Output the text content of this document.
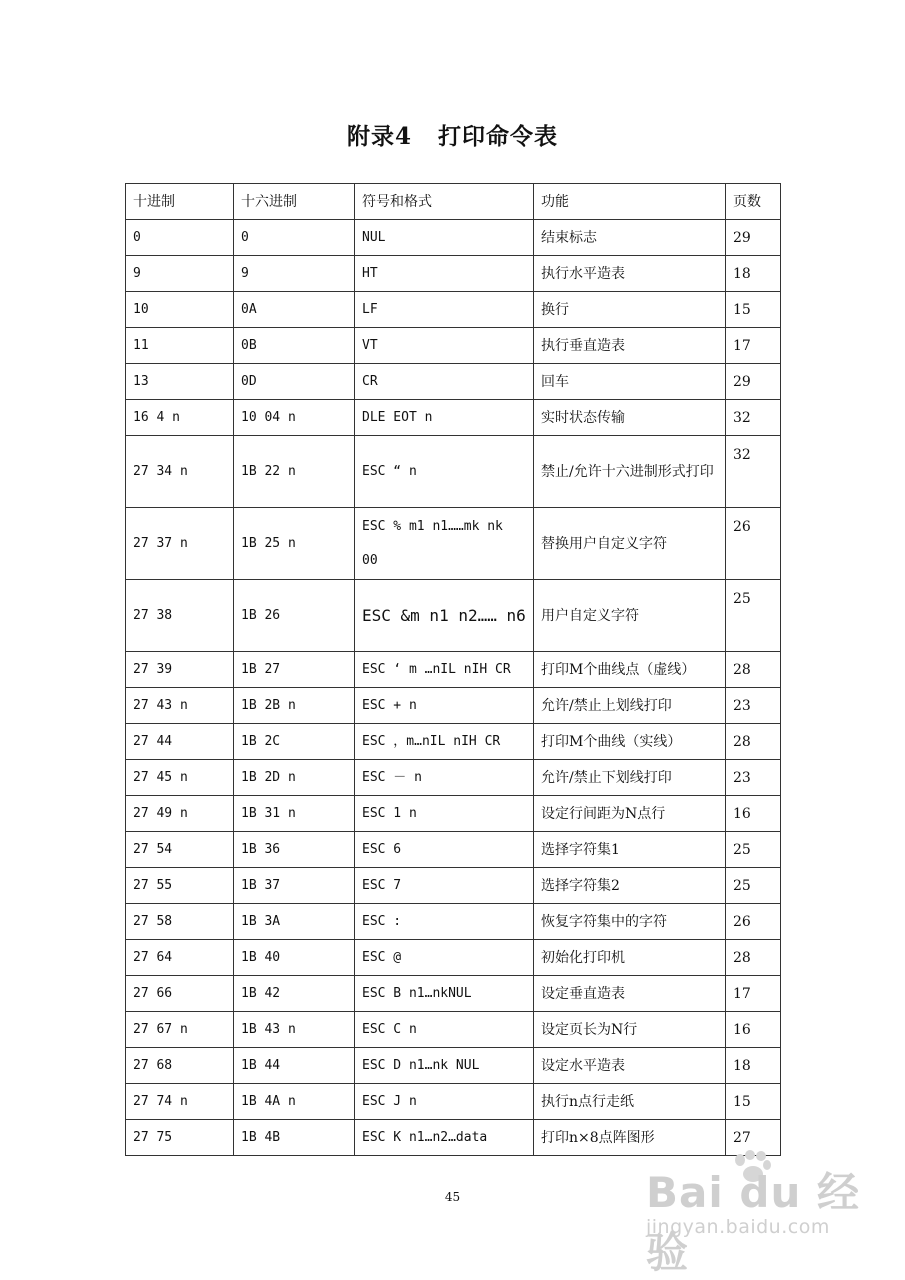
附录4 打印命令表
十进制	十六进制	符号和格式	功能	页数
0	0	NUL	结束标志	29
9	9	HT	执行水平造表	18
10	0A	LF	换行	15
11	0B	VT	执行垂直造表	17
13	0D	CR	回车	29
16 4 n	10 04 n	DLE EOT n	实时状态传输	32
27 34 n	1B 22 n	ESC “ n	禁止/允许十六进制形式打印	32
27 37 n	1B 25 n	ESC % m1 n1……mk nk 00	替换用户自定义字符	26
27 38	1B 26	ESC &m n1 n2…… n6	用户自定义字符	25
27 39	1B 27	ESC ‘ m …nIL nIH CR	打印M个曲线点（虚线）	28
27 43 n	1B 2B n	ESC + n	允许/禁止上划线打印	23
27 44	1B 2C	ESC ，m…nIL nIH CR	打印M个曲线（实线）	28
27 45 n	1B 2D n	ESC － n	允许/禁止下划线打印	23
27 49 n	1B 31 n	ESC 1 n	设定行间距为N点行	16
27 54	1B 36	ESC 6	选择字符集1	25
27 55	1B 37	ESC 7	选择字符集2	25
27 58	1B 3A	ESC :	恢复字符集中的字符	26
27 64	1B 40	ESC @	初始化打印机	28
27 66	1B 42	ESC B n1…nkNUL	设定垂直造表	17
27 67 n	1B 43 n	ESC C n	设定页长为N行	16
27 68	1B 44	ESC D n1…nk NUL	设定水平造表	18
27 74 n	1B 4A n	ESC J n	执行n点行走纸	15
27 75	1B 4B	ESC K n1…n2…data	打印n×8点阵图形	27
45	Bai du 经验
jingyan.baidu.com
